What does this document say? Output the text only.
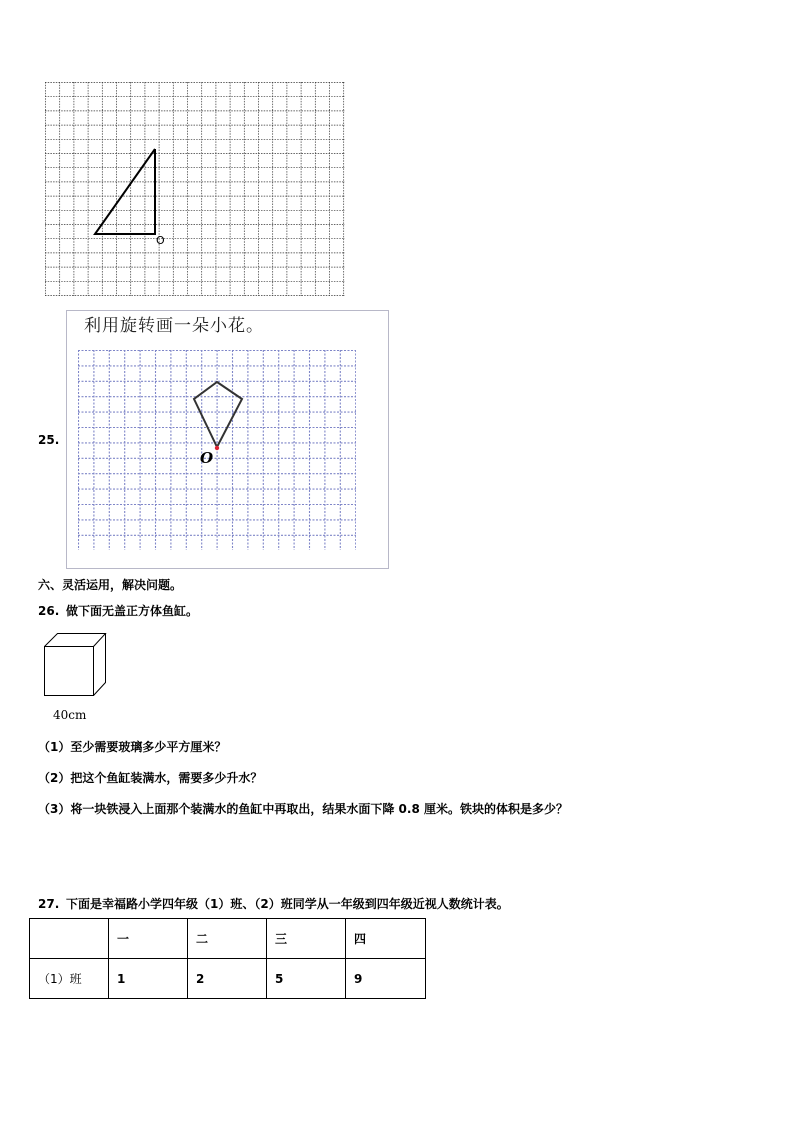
O
25.
利用旋转画一朵小花。
O
六、灵活运用，解决问题。
26. 做下面无盖正方体鱼缸。
40cm
（1）至少需要玻璃多少平方厘米？
（2）把这个鱼缸装满水，需要多少升水？
（3）将一块铁浸入上面那个装满水的鱼缸中再取出，结果水面下降 0.8 厘米。铁块的体积是多少？
27. 下面是幸福路小学四年级（1）班、（2）班同学从一年级到四年级近视人数统计表。
	一	二	三	四
（1）班	1	2	5	9
